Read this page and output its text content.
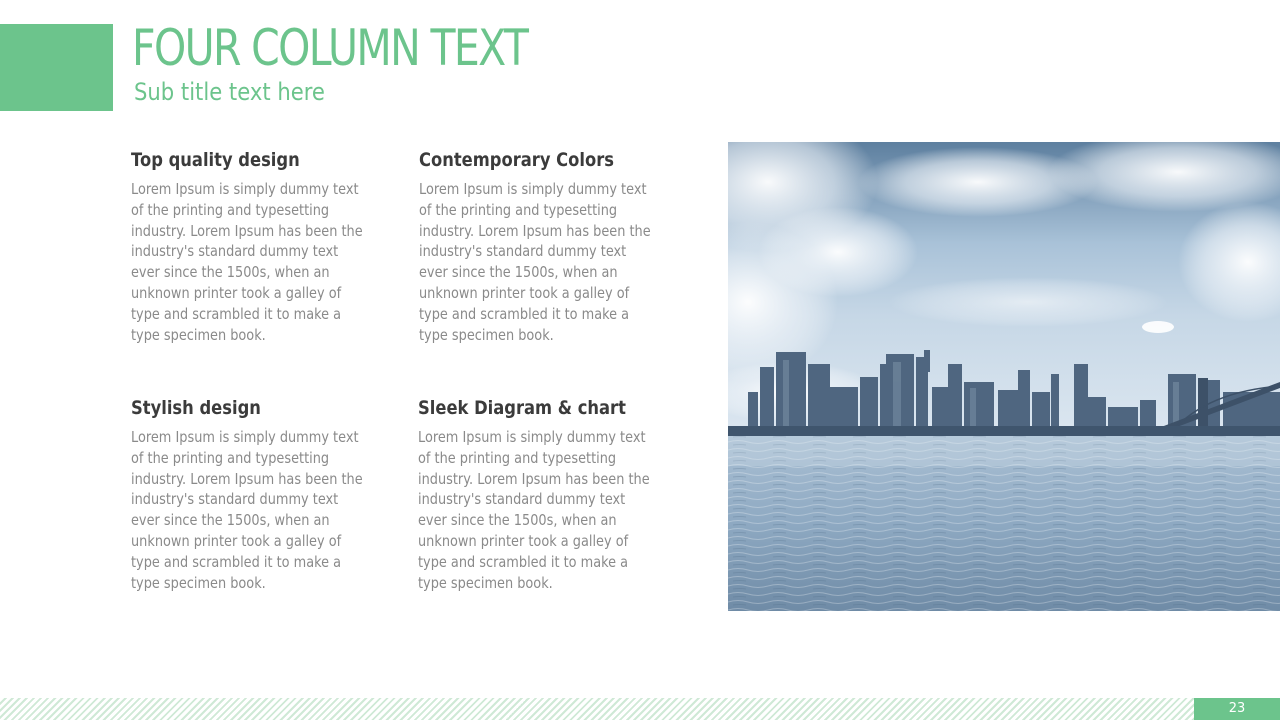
FOUR COLUMN TEXT
Sub title text here
Top quality design

Lorem Ipsum is simply dummy text of the printing and typesetting industry. Lorem Ipsum has been the industry's standard dummy text ever since the 1500s, when an unknown printer took a galley of type and scrambled it to make a type specimen book.

Contemporary Colors

Lorem Ipsum is simply dummy text of the printing and typesetting industry. Lorem Ipsum has been the industry's standard dummy text ever since the 1500s, when an unknown printer took a galley of type and scrambled it to make a type specimen book.

Stylish design

Lorem Ipsum is simply dummy text of the printing and typesetting industry. Lorem Ipsum has been the industry's standard dummy text ever since the 1500s, when an unknown printer took a galley of type and scrambled it to make a type specimen book.

Sleek Diagram & chart

Lorem Ipsum is simply dummy text of the printing and typesetting industry. Lorem Ipsum has been the industry's standard dummy text ever since the 1500s, when an unknown printer took a galley of type and scrambled it to make a type specimen book.

23
